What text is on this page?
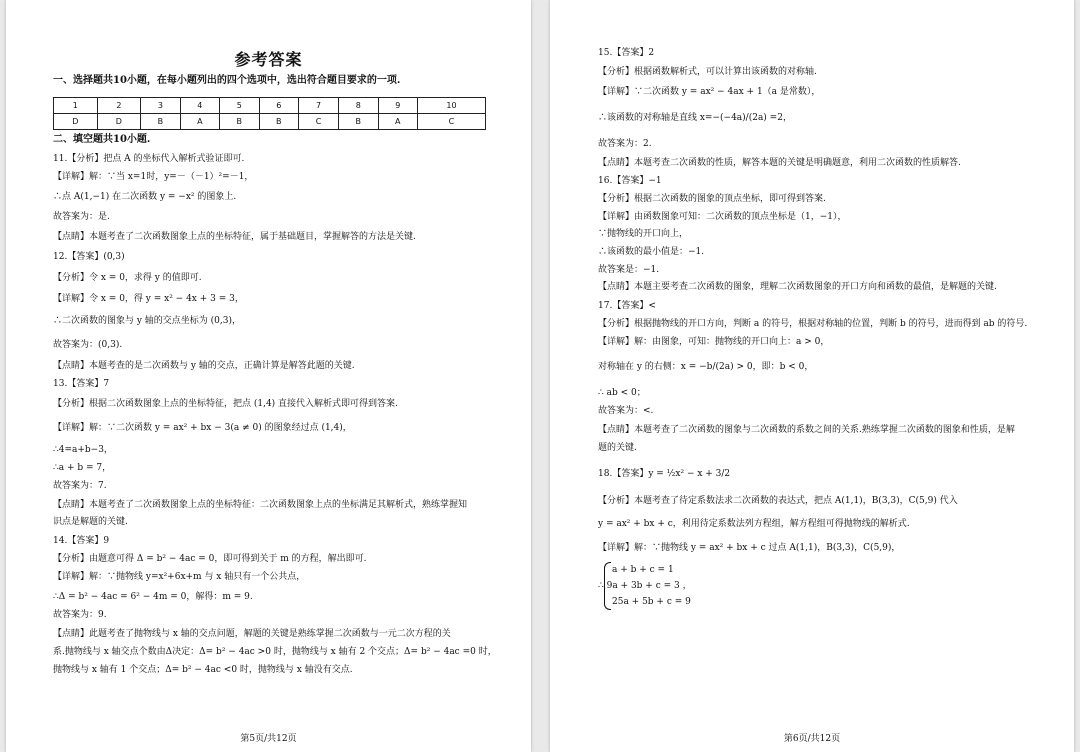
参考答案
一、选择题共10小题，在每小题列出的四个选项中，选出符合题目要求的一项.
1	2	3	4	5	6	7	8	9	10
D	D	B	A	B	B	C	B	A	C
二、填空题共10小题.
11.【分析】把点 A 的坐标代入解析式验证即可.
【详解】解：∵当 x=1时，y=－（－1）²=－1，
∴点 A(1,−1) 在二次函数 y = −x² 的图象上.
故答案为：是.
【点睛】本题考查了二次函数图象上点的坐标特征，属于基础题目，掌握解答的方法是关键.
12.【答案】(0,3)
【分析】令 x = 0，求得 y 的值即可.
【详解】令 x = 0，得 y = x² − 4x + 3 = 3，
∴二次函数的图象与 y 轴的交点坐标为 (0,3)，
故答案为：(0,3).
【点睛】本题考查的是二次函数与 y 轴的交点，正确计算是解答此题的关键.
13.【答案】7
【分析】根据二次函数图象上点的坐标特征，把点 (1,4) 直接代入解析式即可得到答案.
【详解】解：∵二次函数 y = ax² + bx − 3(a ≠ 0) 的图象经过点 (1,4)，
∴4=a+b−3，
∴a + b = 7，
故答案为：7.
【点睛】本题考查了二次函数图象上点的坐标特征：二次函数图象上点的坐标满足其解析式，熟练掌握知
识点是解题的关键.
14.【答案】9
【分析】由题意可得 Δ = b² − 4ac = 0，即可得到关于 m 的方程，解出即可.
【详解】解：∵抛物线 y=x²+6x+m 与 x 轴只有一个公共点，
∴Δ = b² − 4ac = 6² − 4m = 0，解得：m = 9.
故答案为：9.
【点睛】此题考查了抛物线与 x 轴的交点问题，解题的关键是熟练掌握二次函数与一元二次方程的关
系.抛物线与 x 轴交点个数由Δ决定：Δ= b² − 4ac >0 时，抛物线与 x 轴有 2 个交点；Δ= b² − 4ac =0 时，
抛物线与 x 轴有 1 个交点；Δ= b² − 4ac <0 时，抛物线与 x 轴没有交点.
第5页/共12页
15.【答案】2
【分析】根据函数解析式，可以计算出该函数的对称轴.
【详解】∵二次函数 y = ax² − 4ax + 1（a 是常数），
∴该函数的对称轴是直线 x=−(−4a)/(2a) =2，
故答案为：2.
【点睛】本题考查二次函数的性质，解答本题的关键是明确题意，利用二次函数的性质解答.
16.【答案】−1
【分析】根据二次函数的图象的顶点坐标，即可得到答案.
【详解】由函数图象可知：二次函数的顶点坐标是（1，−1），
∵抛物线的开口向上，
∴该函数的最小值是：−1.
故答案是：−1.
【点睛】本题主要考查二次函数的图象，理解二次函数图象的开口方向和函数的最值，是解题的关键.
17.【答案】<
【分析】根据抛物线的开口方向，判断 a 的符号，根据对称轴的位置，判断 b 的符号，进而得到 ab 的符号.
【详解】解：由图象，可知：抛物线的开口向上：a > 0，
对称轴在 y 的右侧：x = −b/(2a) > 0，即：b < 0，
∴ ab < 0；
故答案为：<.
【点睛】本题考查了二次函数的图象与二次函数的系数之间的关系.熟练掌握二次函数的图象和性质，是解
题的关键.
18.【答案】y = ½x² − x + 3/2
【分析】本题考查了待定系数法求二次函数的表达式，把点 A(1,1)，B(3,3)，C(5,9) 代入
y = ax² + bx + c，利用待定系数法列方程组，解方程组可得抛物线的解析式.
【详解】解：∵抛物线 y = ax² + bx + c 过点 A(1,1)，B(3,3)，C(5,9)，
a + b + c = 1
∴ 9a + 3b + c = 3 ，
25a + 5b + c = 9
第6页/共12页
